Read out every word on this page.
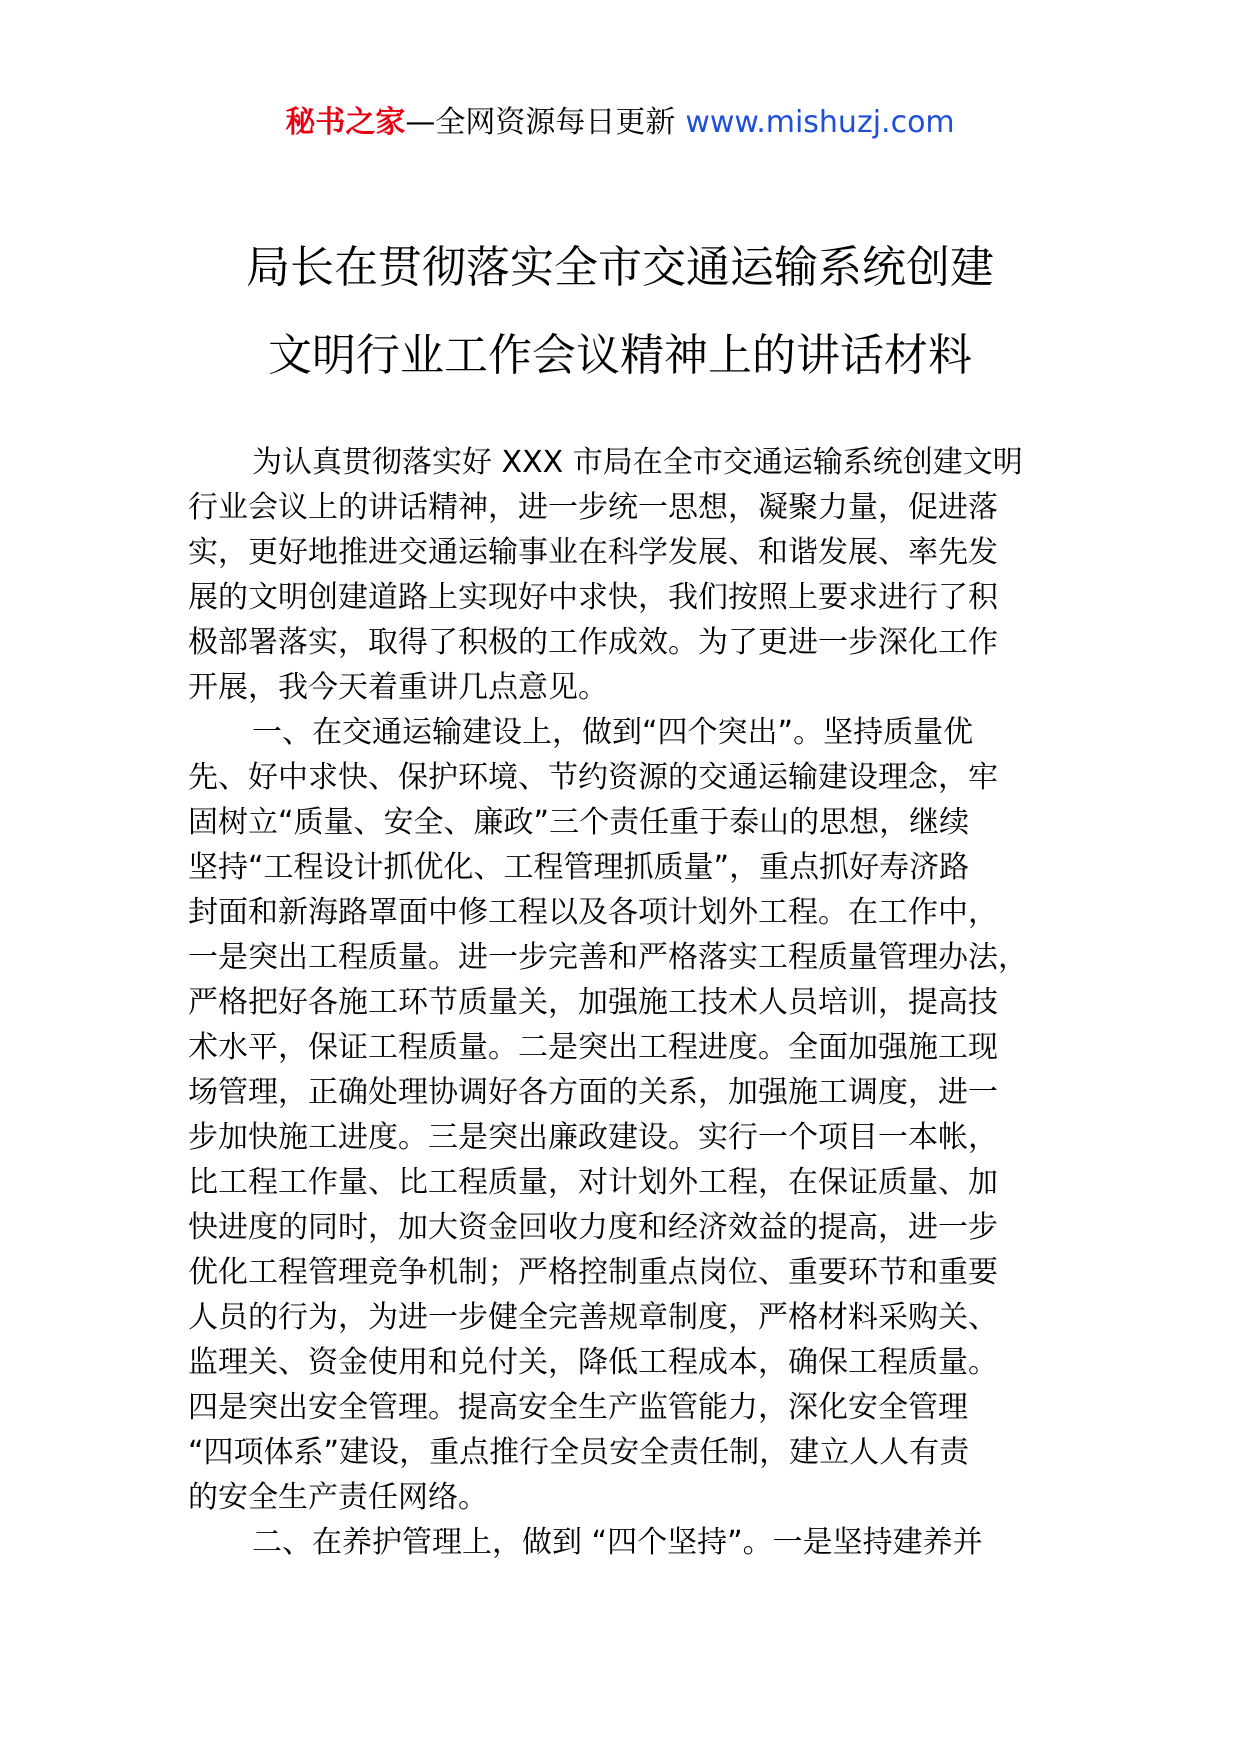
秘书之家—全网资源每日更新 www.mishuzj.com
局长在贯彻落实全市交通运输系统创建
文明行业工作会议精神上的讲话材料
为认真贯彻落实好 XXX 市局在全市交通运输系统创建文明
行业会议上的讲话精神，进一步统一思想，凝聚力量，促进落
实，更好地推进交通运输事业在科学发展、和谐发展、率先发
展的文明创建道路上实现好中求快，我们按照上要求进行了积
极部署落实，取得了积极的工作成效。为了更进一步深化工作
开展，我今天着重讲几点意见。
一、在交通运输建设上，做到“四个突出”。坚持质量优
先、好中求快、保护环境、节约资源的交通运输建设理念，牢
固树立“质量、安全、廉政”三个责任重于泰山的思想，继续
坚持“工程设计抓优化、工程管理抓质量”，重点抓好寿济路
封面和新海路罩面中修工程以及各项计划外工程。在工作中，
一是突出工程质量。进一步完善和严格落实工程质量管理办法，
严格把好各施工环节质量关，加强施工技术人员培训，提高技
术水平，保证工程质量。二是突出工程进度。全面加强施工现
场管理，正确处理协调好各方面的关系，加强施工调度，进一
步加快施工进度。三是突出廉政建设。实行一个项目一本帐，
比工程工作量、比工程质量，对计划外工程，在保证质量、加
快进度的同时，加大资金回收力度和经济效益的提高，进一步
优化工程管理竞争机制；严格控制重点岗位、重要环节和重要
人员的行为，为进一步健全完善规章制度，严格材料采购关、
监理关、资金使用和兑付关，降低工程成本，确保工程质量。
四是突出安全管理。提高安全生产监管能力，深化安全管理
“四项体系”建设，重点推行全员安全责任制，建立人人有责
的安全生产责任网络。
二、在养护管理上，做到 “四个坚持”。一是坚持建养并
